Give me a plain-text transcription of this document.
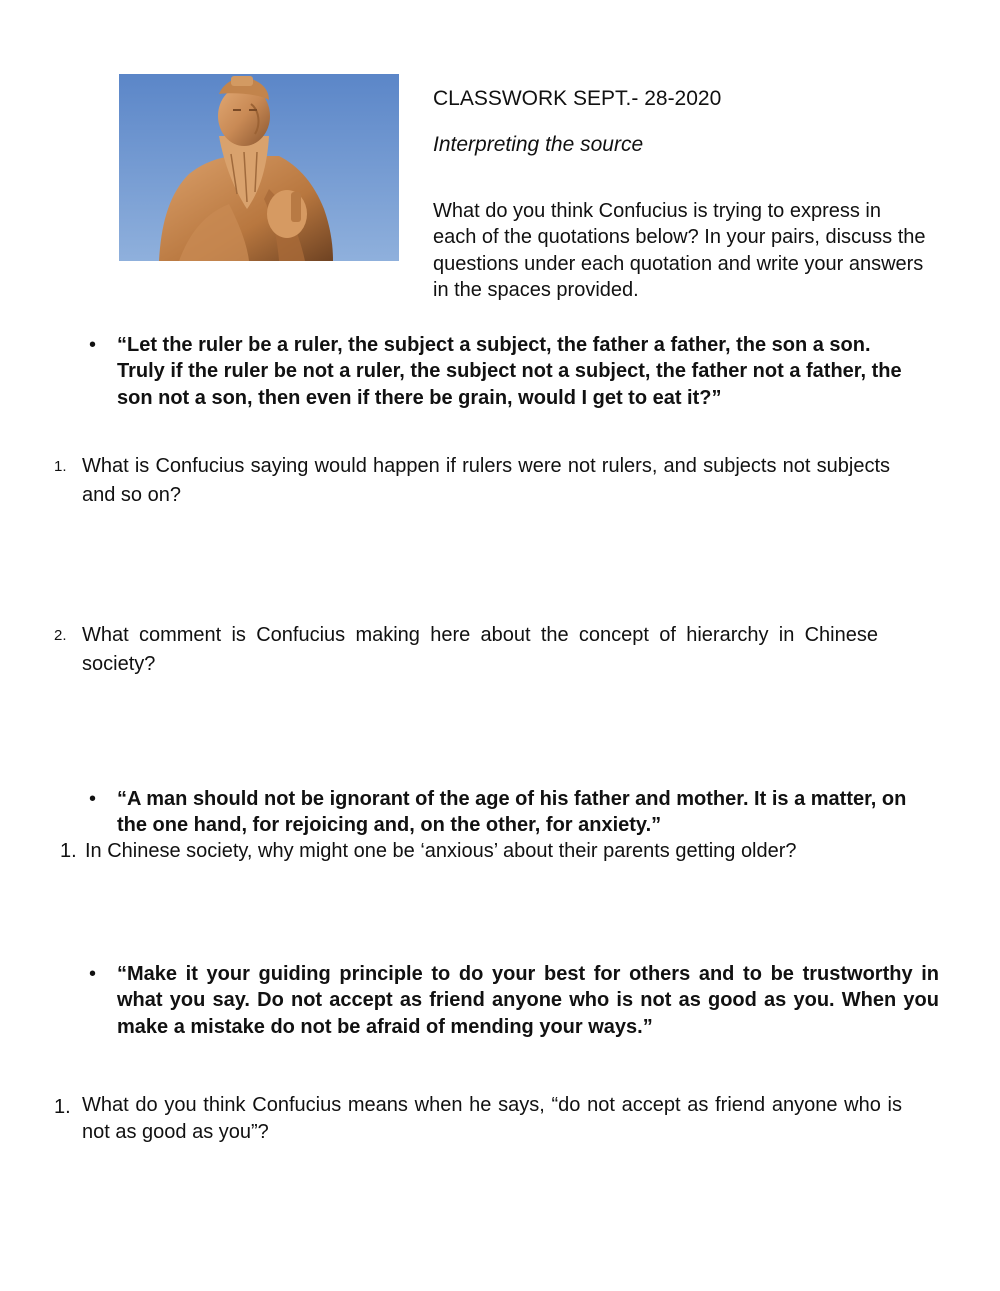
CLASSWORK SEPT.- 28-2020
Interpreting the source
What do you think Confucius is trying to express in each of the quotations below? In your pairs, discuss the questions under each quotation and write your answers in the spaces provided.
• “Let the ruler be a ruler, the subject a subject, the father a father, the son a son. Truly if the ruler be not a ruler, the subject not a subject, the father not a father, the son not a son, then even if there be grain, would I get to eat it?”
1. What is Confucius saying would happen if rulers were not rulers, and subjects not subjects and so on?
2. What comment is Confucius making here about the concept of hierarchy in Chinese society?
• “A man should not be ignorant of the age of his father and mother. It is a matter, on the one hand, for rejoicing and, on the other, for anxiety.”
1. In Chinese society, why might one be ‘anxious’ about their parents getting older?
• “Make it your guiding principle to do your best for others and to be trustworthy in what you say. Do not accept as friend anyone who is not as good as you. When you make a mistake do not be afraid of mending your ways.”
1. What do you think Confucius means when he says, “do not accept as friend anyone who is not as good as you”?
